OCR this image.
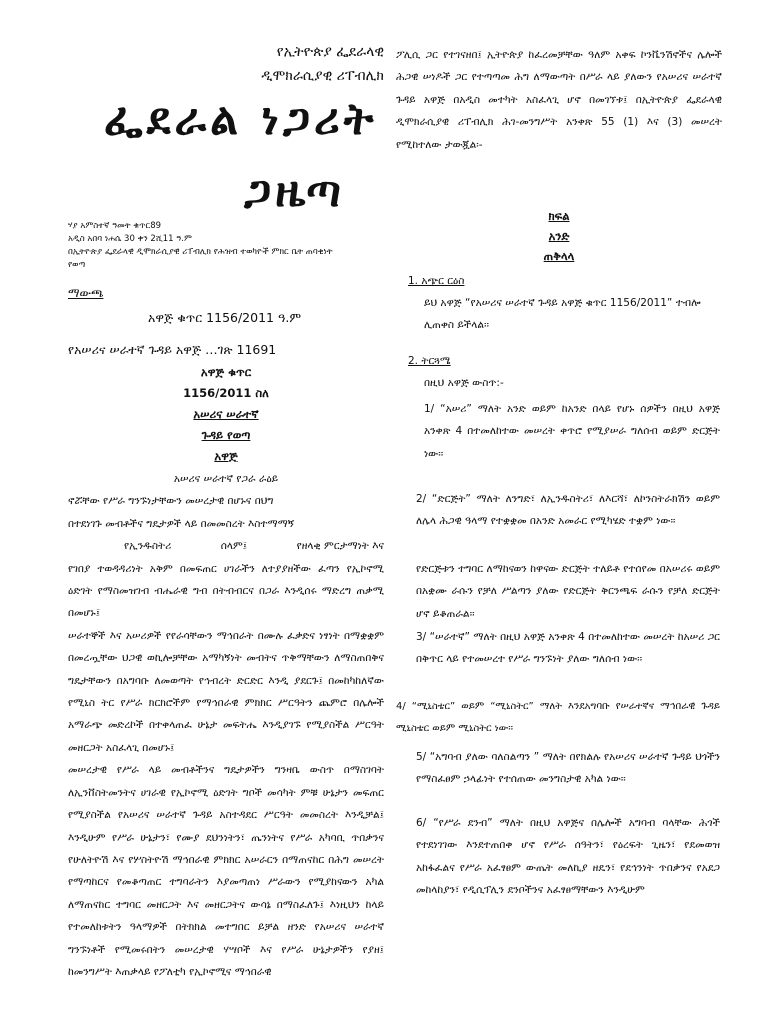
የኢትዮጵያ ፌደራላዊ
ዲሞክራሲያዊ ሪፐብሊክ
ፌደራል ነጋሪት
ጋዜጣ
ሃያ አምስተኛ ዓመት ቁጥር89
አዲስ አበባ ነሐሴ 30 ቀን 2ሺ11 ዓ.ም
በኢትዮጵያ ፌደራላዊ ዲሞክራሲያዊ ሪፐብሊክ የሕዝብ ተወካዮች ምክር ቤት ጠባቂነት
የወጣ
ማውጫ
አዋጅ ቁጥር 1156/2011 ዓ.ም
የአሠሪና ሠራተኛ ጉዳይ አዋጅ …ገጽ 11691
አዋጅ ቁጥር
1156/2011 ስለ
አሠሪና ሠራተኛ
ጉዳይ የወጣ
አዋጅ
አሠሪና ሠራተኛ የጋራ ራዕይ
ኖሯቸው የሥራ ግንኙነታቸውን መሠረታዊ በሆኑና በህግ
በተደነገጉ መብቶችና ግዴታዎች ላይ በመመስረት እስተማማኝ
የኢንዱስትሪ	ሰላም፤	የዘላቂ ምርታማነት እና

የገበያ ተወዳዳሪነት አቅም በመፍጠር ሀገራችን ለተያያዘችው ፈጣን የኢኮኖሚ ዕድገት የማስመዝገብ ብሔራዊ ግብ በትብብርና በጋራ እንዲሰሩ ማድረግ ጠቃሚ በመሆኑ፤

ሠራተኞች እና አሠሪዎች የየራሳቸውን ማኅበራት በሙሉ ፈቃድና ነፃነት በማቋቋም በመረጧቸው ህጋዊ ወኪሎቻቸው አማካኝነት መብትና ጥቅማቸውን ለማስጠበቅና ግዴታቸውን በአግባቡ ለመወጣት የኅብረት ድርድር እንዲ ያደርጉ፤ በመከካከለኛው የሚኒስ ትር የሥራ ክርክሮችም የማኅበራዊ ምክክር ሥርዓትን ጨምሮ በሌሎች አማራጭ መድረኮች በተቀላጠፈ ሁኔታ መፍትሔ እንዲያገኙ የሚያስችል ሥርዓት መዘርጋት አስፈላጊ በመሆኑ፤

መሠረታዊ የሥራ ላይ መብቶችንና ግዴታዎችን ግንዛቤ ውስጥ በማስገባት ለኢንቨስትመንትና ሀገራዊ የኢኮኖሚ ዕድገት ግቦች መሳካት ምቹ ሁኔታን መፍጠር የሚያስችል የአሠሪና ሠራተኛ ጉዳይ አስተዳደር ሥርዓት መመስረት እንዲቻል፤ እንዲሁም የሥራ ሁኔታን፣ የሙያ ደህንነትን፣ ጤንነትና የሥራ አካባቢ ጥበቃንና የሁለትዮሽ እና የሦስትዮሽ ማኅበራዊ ምክክር አሠራርን በማጠናከር በሕግ መሠረት የማጣከርና የመቆጣጠር ተግባራትን እያመጣጠነ ሥራውን የሚያከናውን አካል ለማጠናከር ተግባር መዘርጋት እና መዘርጋትና ውሳኔ በማስፈለጉ፤ እነዚህን ከላይ የተመለከቱትን ዓላማዎች በትክክል መተግበር ይቻል ዘንድ የአሠሪና ሠራተኛ ግንኙነቶች የሚመሩበትን መሠረታዊ ሃሣቦች እና የሥራ ሁኔታዎችን የያዘ፤ ከመንግሥት እጠቃላይ የፖለቲካ የኢኮኖሚና ማኅበራዊ

ፖሊሲ ጋር የተገናዘበ፤ ኢትዮጵያ ከፈረመቻቸው ዓለም አቀፍ ኮንቬንሽኖችና ሌሎች ሕጋዊ ሠነዶች ጋር የተጣጣመ ሕግ ለማውጣት በሥራ ላይ ያለውን የአሠሪና ሠራተኛ ጉዳይ አዋጅ በአዲስ መተካት አስፈላጊ ሆኖ በመገኘቱ፤ በኢትዮጵያ ፌደራላዊ ዲሞክራሲያዊ ሪፐብሊክ ሕገ-መንግሥት አንቀጽ 55 (1) እና (3) መሠረት የሚከተለው ታውጇል፡-

ክፍል
አንድ
ጠቅላላ
1. አጭር ርዕስ

ይህ አዋጅ “የአሠሪና ሠራተኛ ጉዳይ አዋጅ ቁጥር 1156/2011” ተብሎ ሊጠቀስ ይችላል፡፡

2. ትርጓሜ
በዚህ አዋጅ ውስጥ:-

1/ “አሠሪ” ማለት አንድ ወይም ከአንድ በላይ የሆኑ ሰዎችን በዚህ አዋጅ አንቀጽ 4 በተመለከተው መሠረት ቀጥሮ የሚያሠራ ግለሰብ ወይም ድርጅት ነው፡፡

2/ “ድርጅት” ማለት ለንግድ፣ ለኢንዱስትሪ፣ ለእርሻ፣ ለኮንስትራክሽን ወይም ለሌላ ሕጋዊ ዓላማ የተቋቋመ በአንድ አመራር የሚካሄድ ተቋም ነው፡፡

የድርጅቱን ተግባር ለማከናወን ከዋናው ድርጅት ተለይቶ የተሰየመ በአሠሪሩ ወይም በአቋሙ ራሱን የቻለ ሥልጣን ያለው የድርጅት ቅርንጫፍ ራሱን የቻለ ድርጅት ሆኖ ይቆጠራል፡፡

3/ “ሠራተኛ” ማለት በዚህ አዋጅ አንቀጽ 4 በተመለከተው መሠረት ከአሠሪ ጋር በቅጥር ላይ የተመሠረተ የሥራ ግንኙነት ያለው ግለሰብ ነው፡፡

4/ “ሚኒስቴር” ወይም “ሚኒስትር” ማለት እንደአግባቡ የሠራተኛና ማኅበራዊ ጉዳይ ሚኒስቴር ወይም ሚኒስትር ነው፡፡

5/ “አግባብ ያለው ባለስልጣን ” ማለት በየክልሉ የአሠሪና ሠራተኛ ጉዳይ ህጎችን የማስፈፀም ኃላፊነት የተሰጠው መንግስታዊ አካል ነው፡፡

6/ “የሥራ ደንብ” ማለት በዚህ አዋጅና በሌሎች አግባብ ባላቸው ሕጎች የተደነገገው እንደተጠበቀ ሆኖ የሥራ ሰዓትን፣ የዕረፍት ጊዜን፣ የደመወዝ አከፋፈልና የሥራ አፈፃፀም ውጤት መለኪያ ዘዴን፣ የደኅንነት ጥበቃንና የአደጋ መከላከያን፣ የዲሲፕሊን ደንቦችንና አፈፃፀማቸውን እንዲሁም
